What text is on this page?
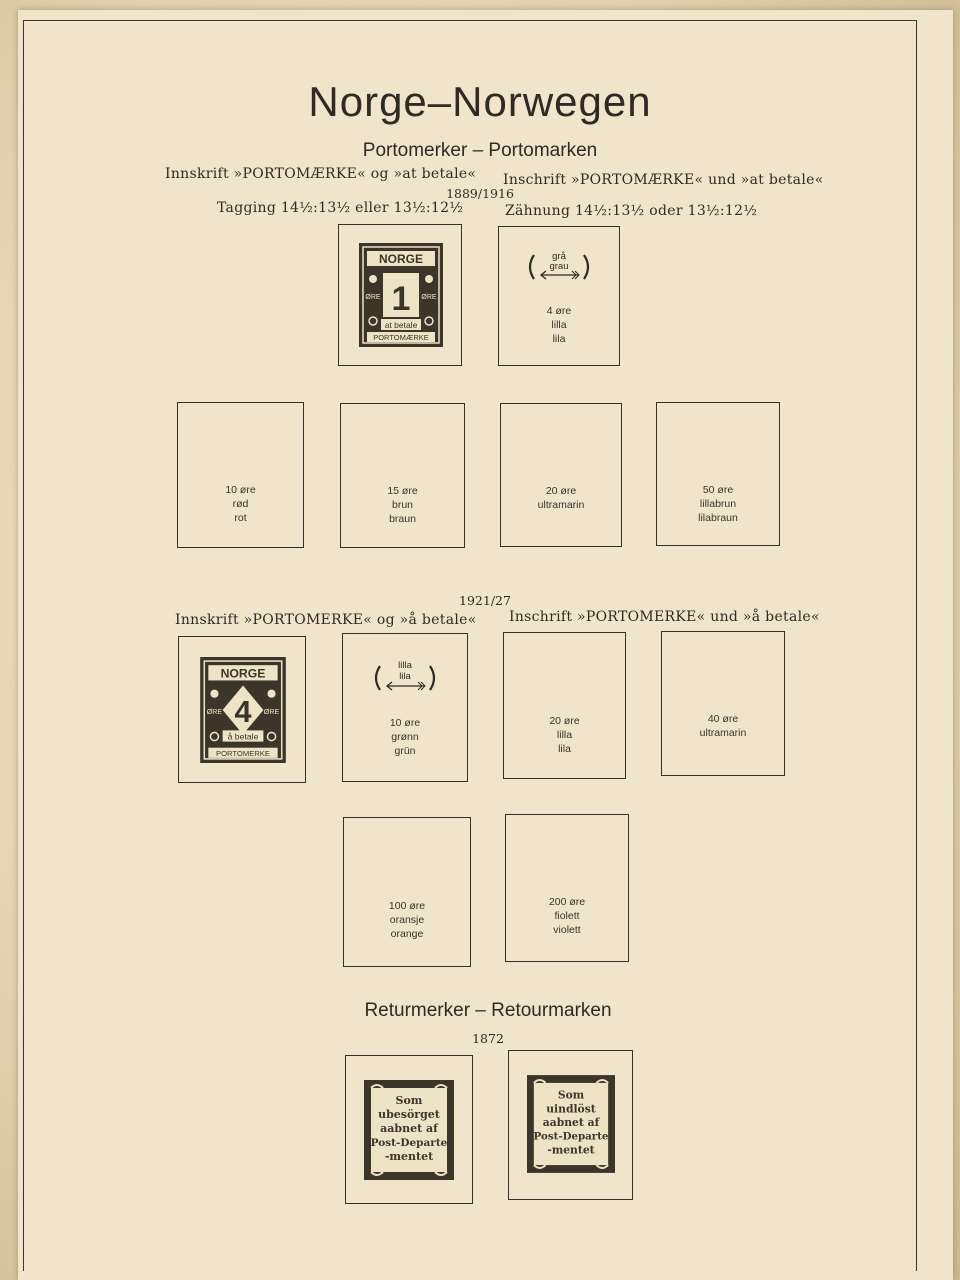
Norge–Norwegen
Portomerker – Portomarken
Innskrift »PORTOMÆRKE« og »at betale« Inschrift »PORTOMÆRKE« und »at betale«
1889/1916
Tagging 14½:13½ eller 13½:12½	Zähnung 14½:13½ oder 13½:12½
NORGE
1
ØRE	ØRE
at betale
PORTOMÆRKE
grå
grau
4 øre
lilla
lila
10 øre
rød
rot
15 øre
brun
braun
20 øre
ultramarin
50 øre
lillabrun
lilabraun
1921/27
Innskrift »PORTOMERKE« og »å betale« Inschrift »PORTOMERKE« und »å betale«
NORGE
4
ØRE	ØRE
å betale
PORTOMERKE
lilla
lila
10 øre
grønn
grün
20 øre
lilla
lila
40 øre
ultramarin
100 øre
oransje
orange
200 øre
fiolett
violett
Returmerker – Retourmarken
1872
Som
ubesörget
aabnet af
Post-Departe
-mentet
Som
uindlöst
aabnet af
Post-Departe
-mentet
